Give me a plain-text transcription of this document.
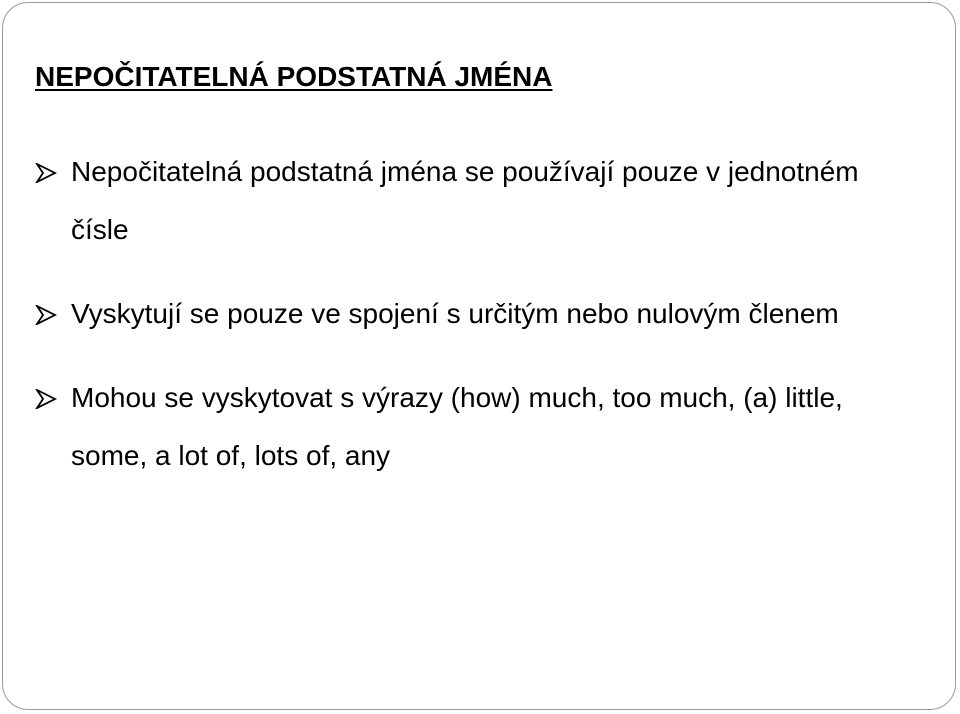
NEPOČITATELNÁ PODSTATNÁ JMÉNA
Nepočitatelná podstatná jména se používají pouze v jednotném čísle
Vyskytují se pouze ve spojení s určitým nebo nulovým členem
Mohou se vyskytovat s výrazy (how) much, too much, (a) little, some, a lot of, lots of, any
